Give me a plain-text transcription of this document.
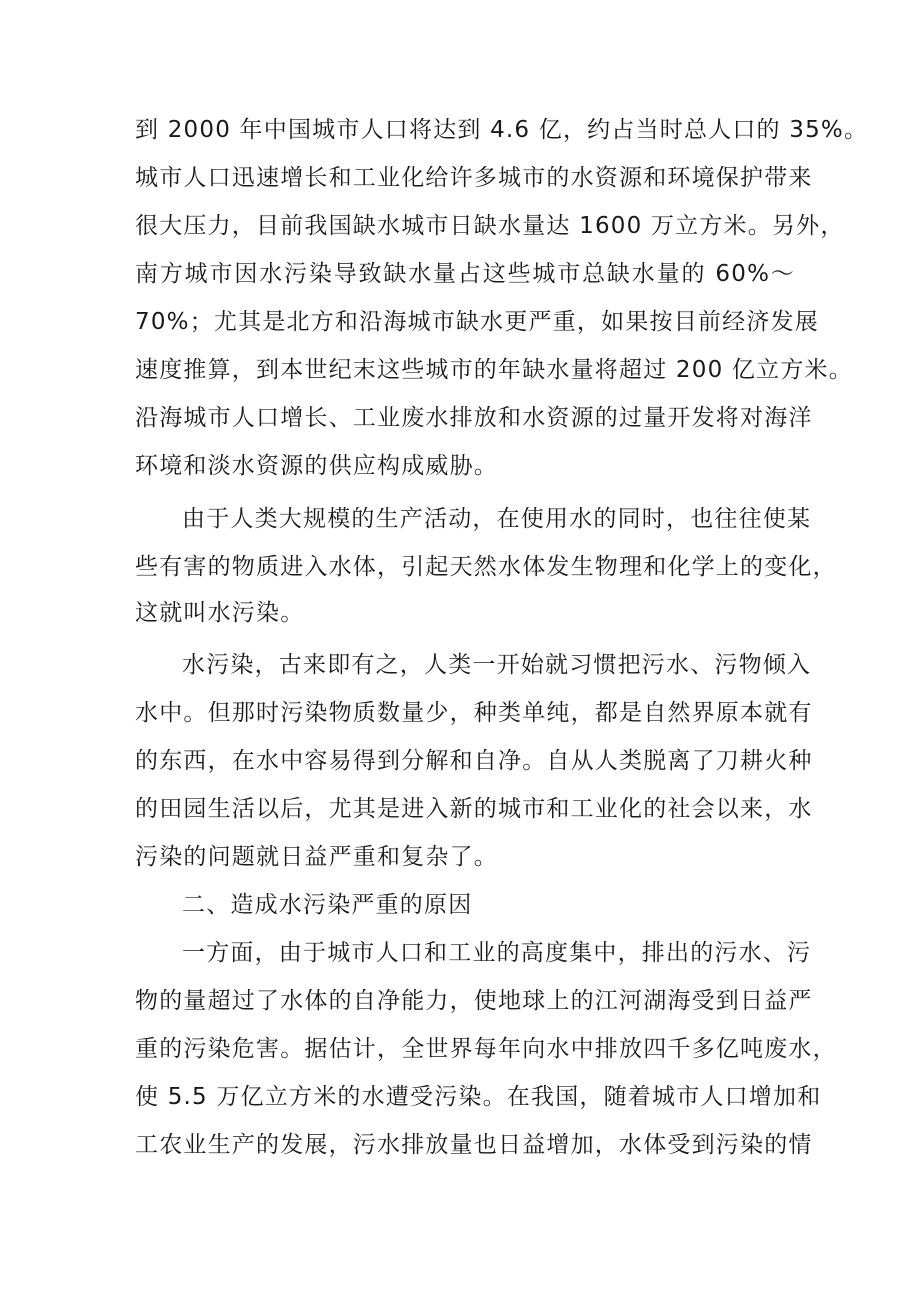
到 2000 年中国城市人口将达到 4.6 亿，约占当时总人口的 35%。
城市人口迅速增长和工业化给许多城市的水资源和环境保护带来
很大压力，目前我国缺水城市日缺水量达 1600 万立方米。另外，
南方城市因水污染导致缺水量占这些城市总缺水量的 60%～
70%；尤其是北方和沿海城市缺水更严重，如果按目前经济发展
速度推算，到本世纪末这些城市的年缺水量将超过 200 亿立方米。
沿海城市人口增长、工业废水排放和水资源的过量开发将对海洋
环境和淡水资源的供应构成威胁。
由于人类大规模的生产活动，在使用水的同时，也往往使某
些有害的物质进入水体，引起天然水体发生物理和化学上的变化，
这就叫水污染。
水污染，古来即有之，人类一开始就习惯把污水、污物倾入
水中。但那时污染物质数量少，种类单纯，都是自然界原本就有
的东西，在水中容易得到分解和自净。自从人类脱离了刀耕火种
的田园生活以后，尤其是进入新的城市和工业化的社会以来，水
污染的问题就日益严重和复杂了。
二、造成水污染严重的原因
一方面，由于城市人口和工业的高度集中，排出的污水、污
物的量超过了水体的自净能力，使地球上的江河湖海受到日益严
重的污染危害。据估计，全世界每年向水中排放四千多亿吨废水，
使 5.5 万亿立方米的水遭受污染。在我国，随着城市人口增加和
工农业生产的发展，污水排放量也日益增加，水体受到污染的情
